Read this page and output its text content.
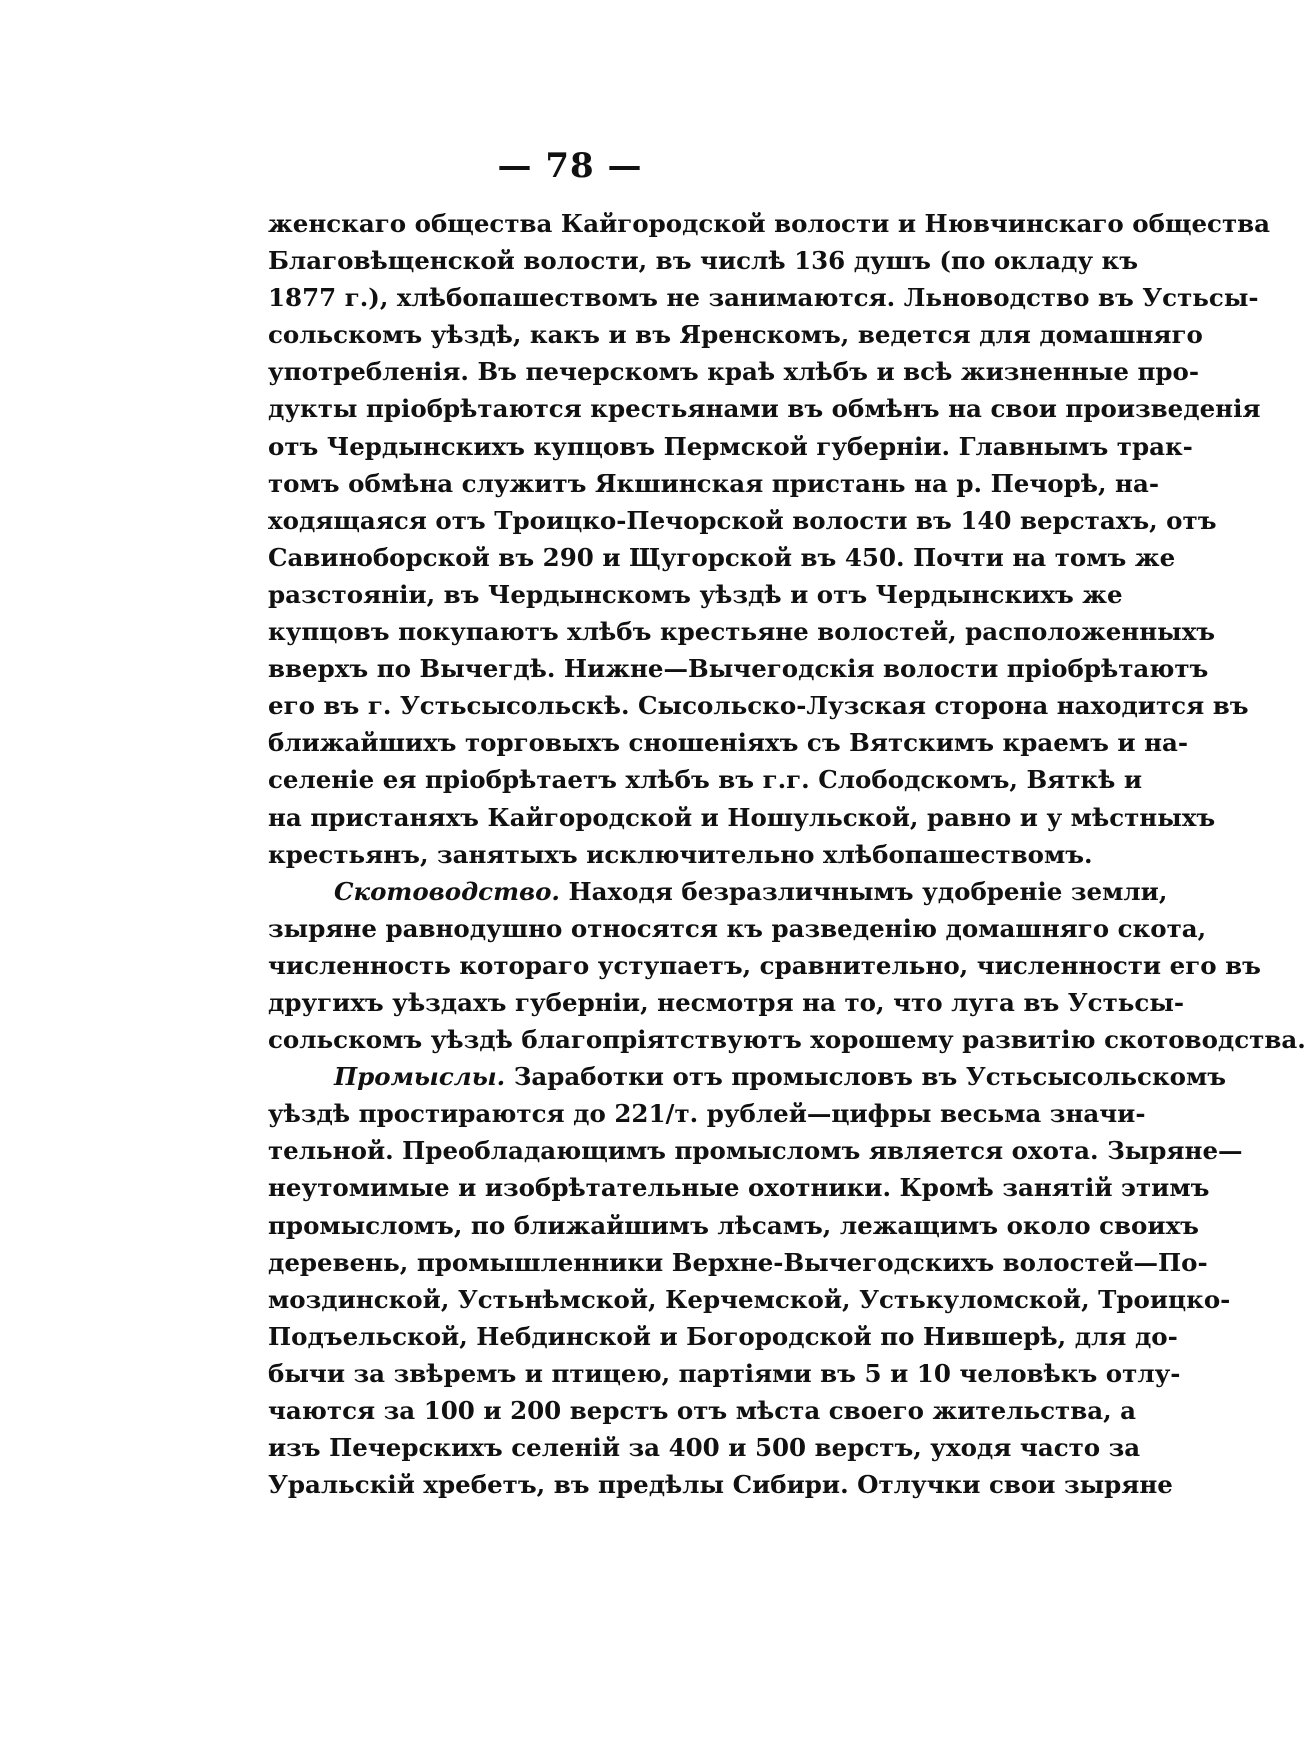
— 78 —
женскаго общества Кайгородской волости и Нювчинскаго общества
Благовѣщенской волости, въ числѣ 136 душъ (по окладу къ
1877 г.), хлѣбопашествомъ не занимаются. Льноводство въ Устьсы-
сольскомъ уѣздѣ, какъ и въ Яренскомъ, ведется для домашняго
употребленія. Въ печерскомъ краѣ хлѣбъ и всѣ жизненные про-
дукты пріобрѣтаются крестьянами въ обмѣнъ на свои произведенія
отъ Чердынскихъ купцовъ Пермской губерніи. Главнымъ трак-
томъ обмѣна служитъ Якшинская пристань на р. Печорѣ, на-
ходящаяся отъ Троицко-Печорской волости въ 140 верстахъ, отъ
Савиноборской въ 290 и Щугорской въ 450. Почти на томъ же
разстояніи, въ Чердынскомъ уѣздѣ и отъ Чердынскихъ же
купцовъ покупаютъ хлѣбъ крестьяне волостей, расположенныхъ
вверхъ по Вычегдѣ. Нижне—Вычегодскія волости пріобрѣтаютъ
его въ г. Устьсысольскѣ. Сысольско-Лузская сторона находится въ
ближайшихъ торговыхъ сношеніяхъ съ Вятскимъ краемъ и на-
селеніе ея пріобрѣтаетъ хлѣбъ въ г.г. Слободскомъ, Вяткѣ и
на пристаняхъ Кайгородской и Ношульской, равно и у мѣстныхъ
крестьянъ, занятыхъ исключительно хлѣбопашествомъ.
Скотоводство. Находя безразличнымъ удобреніе земли,
зыряне равнодушно относятся къ разведенію домашняго скота,
численность котораго уступаетъ, сравнительно, численности его въ
другихъ уѣздахъ губерніи, несмотря на то, что луга въ Устьсы-
сольскомъ уѣздѣ благопріятствуютъ хорошему развитію скотоводства.
Промыслы. Заработки отъ промысловъ въ Устьсысольскомъ
уѣздѣ простираются до 221/т. рублей—цифры весьма значи-
тельной. Преобладающимъ промысломъ является охота. Зыряне—
неутомимые и изобрѣтательные охотники. Кромѣ занятій этимъ
промысломъ, по ближайшимъ лѣсамъ, лежащимъ около своихъ
деревень, промышленники Верхне-Вычегодскихъ волостей—По-
моздинской, Устьнѣмской, Керчемской, Устькуломской, Троицко-
Подъельской, Небдинской и Богородской по Нившерѣ, для до-
бычи за звѣремъ и птицею, партіями въ 5 и 10 человѣкъ отлу-
чаются за 100 и 200 верстъ отъ мѣста своего жительства, а
изъ Печерскихъ селеній за 400 и 500 верстъ, уходя часто за
Уральскій хребетъ, въ предѣлы Сибири. Отлучки свои зыряне
